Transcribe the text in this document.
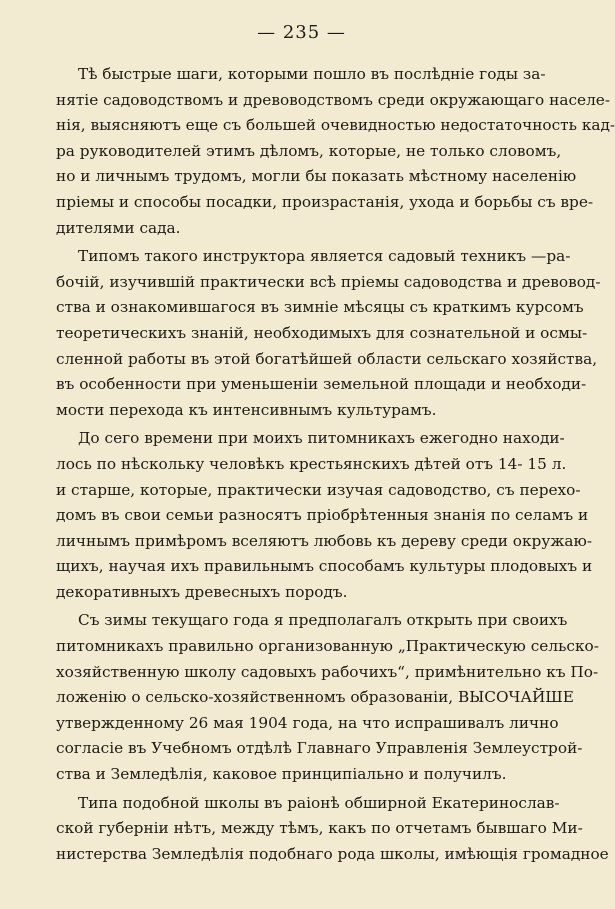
— 235 —
Тѣ быстрые шаги, которыми пошло въ послѣдніе годы за-
нятіе садоводствомъ и древоводствомъ среди окружающаго населе-
нія, выясняютъ еще съ большей очевидностью недостаточность кад-
ра руководителей этимъ дѣломъ, которые, не только словомъ,
но и личнымъ трудомъ, могли бы показать мѣстному населенію
пріемы и способы посадки, произрастанія, ухода и борьбы съ вре-
дителями сада.
Типомъ такого инструктора является садовый техникъ —ра-
бочій, изучившій практически всѣ пріемы садоводства и древовод-
ства и ознакомившагося въ зимніе мѣсяцы съ краткимъ курсомъ
теоретическихъ знаній, необходимыхъ для сознательной и осмы-
сленной работы въ этой богатѣйшей области сельскаго хозяйства,
въ особенности при уменьшеніи земельной площади и необходи-
мости перехода къ интенсивнымъ культурамъ.
До сего времени при моихъ питомникахъ ежегодно находи-
лось по нѣскольку человѣкъ крестьянскихъ дѣтей отъ 14- 15 л.
и старше, которые, практически изучая садоводство, съ перехо-
домъ въ свои семьи разносятъ пріобрѣтенныя знанія по селамъ и
личнымъ примѣромъ вселяютъ любовь къ дереву среди окружаю-
щихъ, научая ихъ правильнымъ способамъ культуры плодовыхъ и
декоративныхъ древесныхъ породъ.
Съ зимы текущаго года я предполагалъ открыть при своихъ
питомникахъ правильно организованную „Практическую сельско-
хозяйственную школу садовыхъ рабочихъ“, примѣнительно къ По-
ложенію о сельско-хозяйственномъ образованіи, ВЫСОЧАЙШЕ
утвержденному 26 мая 1904 года, на что испрашивалъ лично
согласіе въ Учебномъ отдѣлѣ Главнаго Управленія Землеустрой-
ства и Земледѣлія, каковое принципіально и получилъ.
Типа подобной школы въ раіонѣ обширной Екатеринослав-
ской губерніи нѣтъ, между тѣмъ, какъ по отчетамъ бывшаго Ми-
нистерства Земледѣлія подобнаго рода школы, имѣющія громадное
